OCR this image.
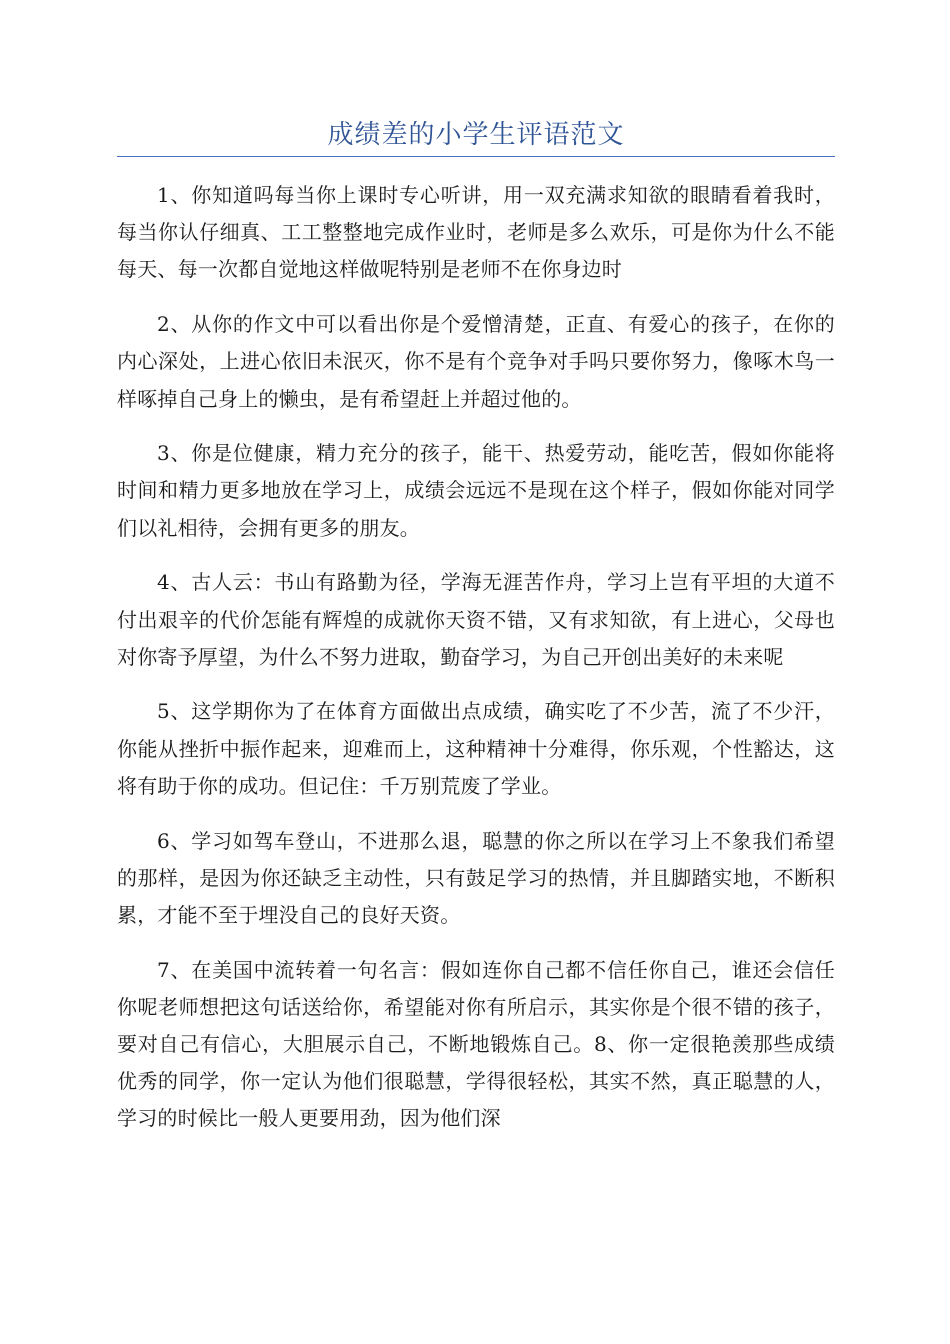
成绩差的小学生评语范文

1、你知道吗每当你上课时专心听讲，用一双充满求知欲的眼睛看着我时，每当你认仔细真、工工整整地完成作业时，老师是多么欢乐，可是你为什么不能每天、每一次都自觉地这样做呢特别是老师不在你身边时

2、从你的作文中可以看出你是个爱憎清楚，正直、有爱心的孩子，在你的内心深处，上进心依旧未泯灭，你不是有个竞争对手吗只要你努力，像啄木鸟一样啄掉自己身上的懒虫，是有希望赶上并超过他的。

3、你是位健康，精力充分的孩子，能干、热爱劳动，能吃苦，假如你能将时间和精力更多地放在学习上，成绩会远远不是现在这个样子，假如你能对同学们以礼相待，会拥有更多的朋友。

4、古人云：书山有路勤为径，学海无涯苦作舟，学习上岂有平坦的大道不付出艰辛的代价怎能有辉煌的成就你天资不错，又有求知欲，有上进心，父母也对你寄予厚望，为什么不努力进取，勤奋学习，为自己开创出美好的未来呢

5、这学期你为了在体育方面做出点成绩，确实吃了不少苦，流了不少汗，你能从挫折中振作起来，迎难而上，这种精神十分难得，你乐观，个性豁达，这将有助于你的成功。但记住：千万别荒废了学业。

6、学习如驾车登山，不进那么退，聪慧的你之所以在学习上不象我们希望的那样，是因为你还缺乏主动性，只有鼓足学习的热情，并且脚踏实地，不断积累，才能不至于埋没自己的良好天资。

7、在美国中流转着一句名言：假如连你自己都不信任你自己，谁还会信任你呢老师想把这句话送给你，希望能对你有所启示，其实你是个很不错的孩子，要对自己有信心，大胆展示自己，不断地锻炼自己。8、你一定很艳羡那些成绩优秀的同学，你一定认为他们很聪慧，学得很轻松，其实不然，真正聪慧的人，学习的时候比一般人更要用劲，因为他们深
